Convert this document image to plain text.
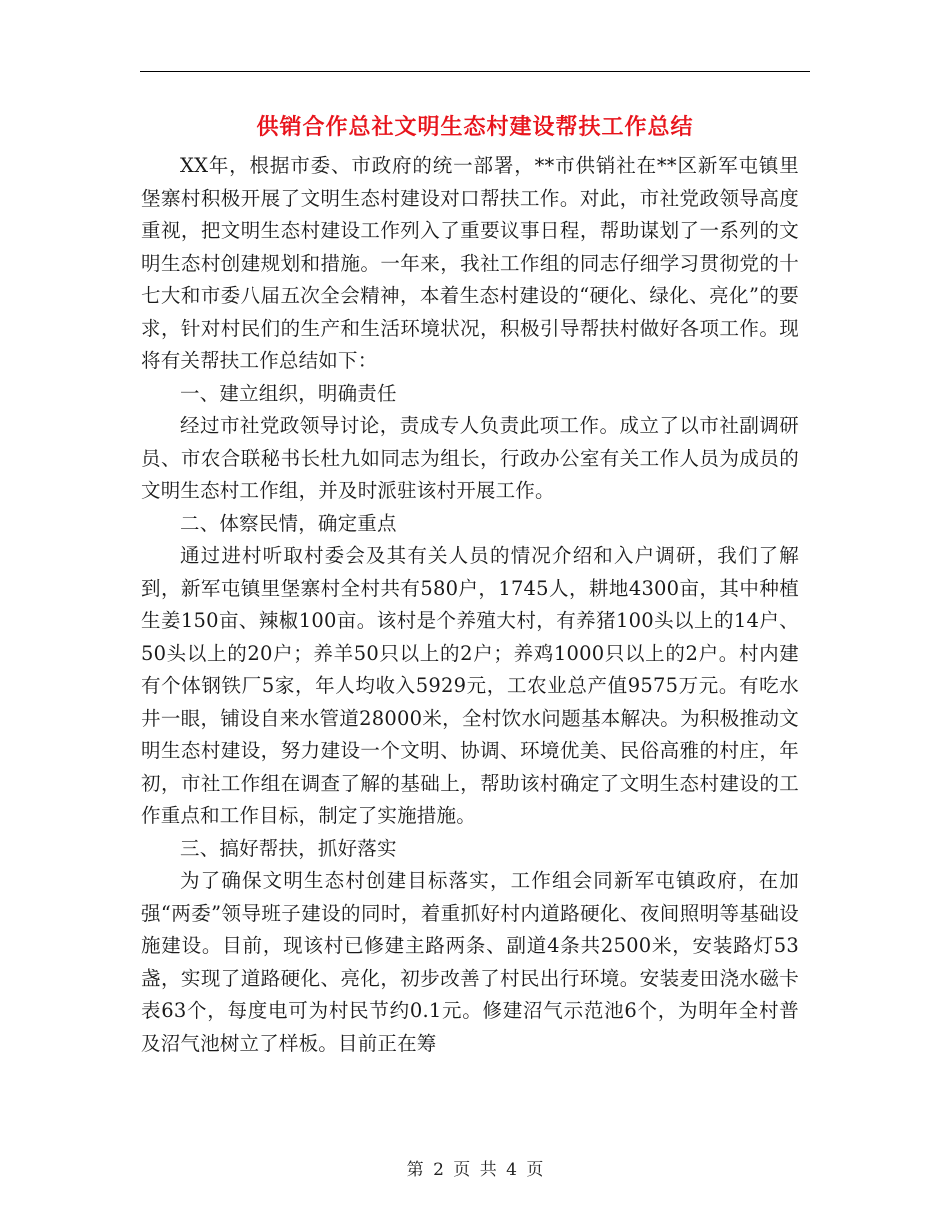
供销合作总社文明生态村建设帮扶工作总结

XX年，根据市委、市政府的统一部署，**市供销社在**区新军屯镇里堡寨村积极开展了文明生态村建设对口帮扶工作。对此，市社党政领导高度重视，把文明生态村建设工作列入了重要议事日程，帮助谋划了一系列的文明生态村创建规划和措施。一年来，我社工作组的同志仔细学习贯彻党的十七大和市委八届五次全会精神，本着生态村建设的“硬化、绿化、亮化”的要求，针对村民们的生产和生活环境状况，积极引导帮扶村做好各项工作。现将有关帮扶工作总结如下：

一、建立组织，明确责任

经过市社党政领导讨论，责成专人负责此项工作。成立了以市社副调研员、市农合联秘书长杜九如同志为组长，行政办公室有关工作人员为成员的文明生态村工作组，并及时派驻该村开展工作。

二、体察民情，确定重点

通过进村听取村委会及其有关人员的情况介绍和入户调研，我们了解到，新军屯镇里堡寨村全村共有580户，1745人，耕地4300亩，其中种植生姜150亩、辣椒100亩。该村是个养殖大村，有养猪100头以上的14户、50头以上的20户；养羊50只以上的2户；养鸡1000只以上的2户。村内建有个体钢铁厂5家，年人均收入5929元，工农业总产值9575万元。有吃水井一眼，铺设自来水管道28000米，全村饮水问题基本解决。为积极推动文明生态村建设，努力建设一个文明、协调、环境优美、民俗高雅的村庄，年初，市社工作组在调查了解的基础上，帮助该村确定了文明生态村建设的工作重点和工作目标，制定了实施措施。

三、搞好帮扶，抓好落实

为了确保文明生态村创建目标落实，工作组会同新军屯镇政府，在加强“两委”领导班子建设的同时，着重抓好村内道路硬化、夜间照明等基础设施建设。目前，现该村已修建主路两条、副道4条共2500米，安装路灯53盏，实现了道路硬化、亮化，初步改善了村民出行环境。安装麦田浇水磁卡表63个，每度电可为村民节约0.1元。修建沼气示范池6个，为明年全村普及沼气池树立了样板。目前正在筹

第 2 页 共 4 页
